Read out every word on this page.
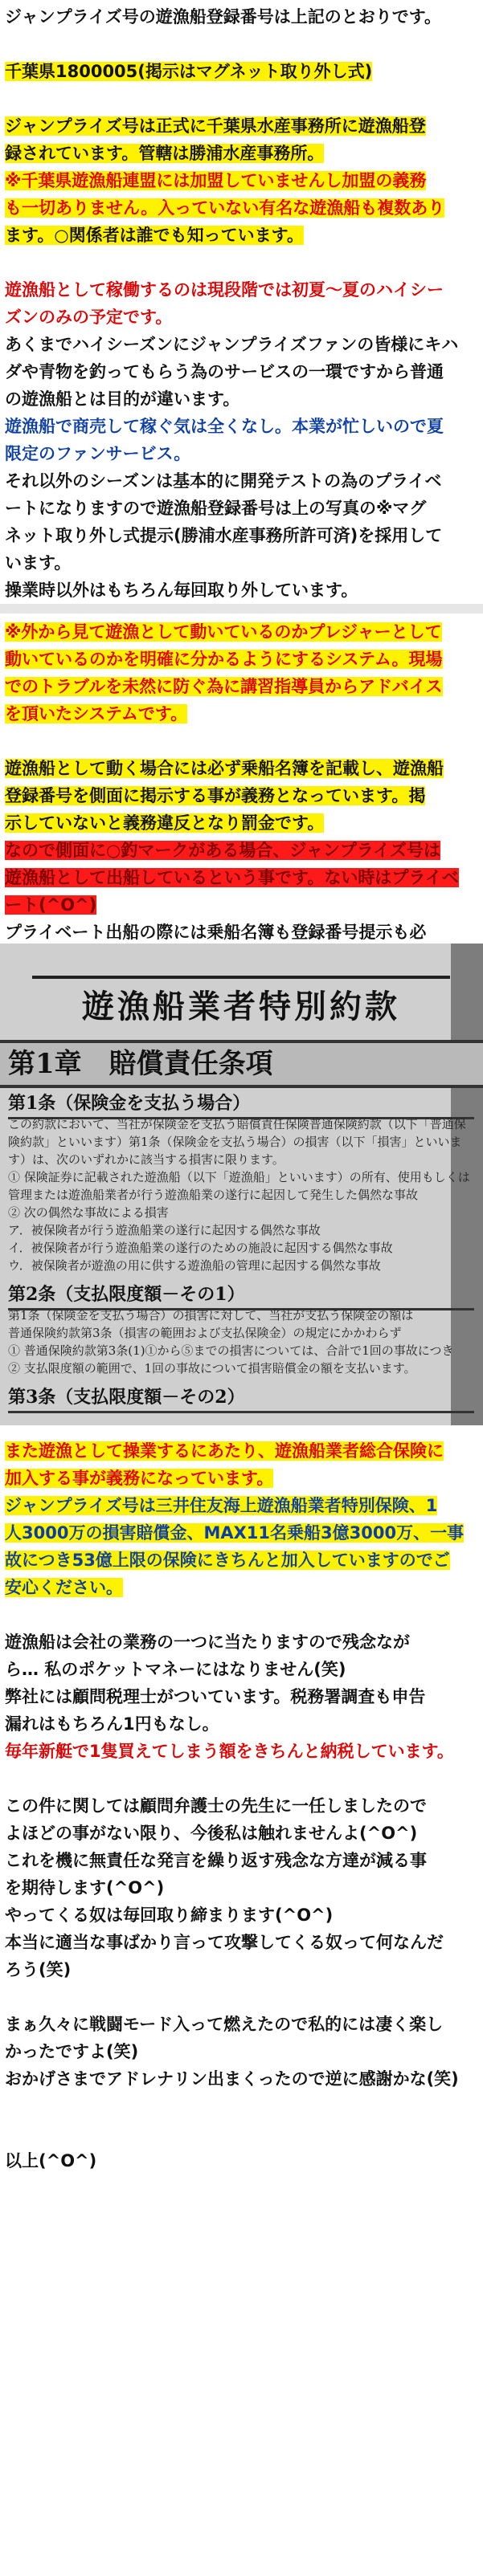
ジャンプライズ号の遊漁船登録番号は上記のとおりです。

千葉県1800005(掲示はマグネット取り外し式)

ジャンプライズ号は正式に千葉県水産事務所に遊漁船登
録されています。管轄は勝浦水産事務所。
※千葉県遊漁船連盟には加盟していませんし加盟の義務
も一切ありません。入っていない有名な遊漁船も複数あり
ます。○関係者は誰でも知っています。

遊漁船として稼働するのは現段階では初夏〜夏のハイシー
ズンのみの予定です。
あくまでハイシーズンにジャンプライズファンの皆様にキハ
ダや青物を釣ってもらう為のサービスの一環ですから普通
の遊漁船とは目的が違います。
遊漁船で商売して稼ぐ気は全くなし。本業が忙しいので夏
限定のファンサービス。
それ以外のシーズンは基本的に開発テストの為のプライベ
ートになりますので遊漁船登録番号は上の写真の※マグ
ネット取り外し式提示(勝浦水産事務所許可済)を採用して
います。
操業時以外はもちろん毎回取り外しています。
※外から見て遊漁として動いているのかプレジャーとして
動いているのかを明確に分かるようにするシステム。現場
でのトラブルを未然に防ぐ為に講習指導員からアドバイス
を頂いたシステムです。

遊漁船として動く場合には必ず乗船名簿を記載し、遊漁船
登録番号を側面に掲示する事が義務となっています。掲
示していないと義務違反となり罰金です。
なので側面に○釣マークがある場合、ジャンプライズ号は
遊漁船として出船しているという事です。ない時はプライベ
ート(^O^)
プライベート出船の際には乗船名簿も登録番号提示も必
遊漁船業者特別約款
第1章　賠償責任条項
第1条（保険金を支払う場合）
この約款において、当社が保険金を支払う賠償責任保険普通保険約款（以下「普通保
険約款」といいます）第1条（保険金を支払う場合）の損害（以下「損害」といいま
す）は、次のいずれかに該当する損害に限ります。
① 保険証券に記載された遊漁船（以下「遊漁船」といいます）の所有、使用もしくは
管理または遊漁船業者が行う遊漁船業の遂行に起因して発生した偶然な事故
② 次の偶然な事故による損害
ア．被保険者が行う遊漁船業の遂行に起因する偶然な事故
イ．被保険者が行う遊漁船業の遂行のための施設に起因する偶然な事故
ウ．被保険者が遊漁の用に供する遊漁船の管理に起因する偶然な事故
第2条（支払限度額－その1）
第1条（保険金を支払う場合）の損害に対して、当社が支払う保険金の額は
普通保険約款第3条（損害の範囲および支払保険金）の規定にかかわらず
① 普通保険約款第3条(1)①から⑤までの損害については、合計で1回の事故につき
② 支払限度額の範囲で、1回の事故について損害賠償金の額を支払います。
第3条（支払限度額－その2）
また遊漁として操業するにあたり、遊漁船業者総合保険に
加入する事が義務になっています。
ジャンプライズ号は三井住友海上遊漁船業者特別保険、1
人3000万の損害賠償金、MAX11名乗船3億3000万、一事
故につき53億上限の保険にきちんと加入していますのでご
安心ください。

遊漁船は会社の業務の一つに当たりますので残念なが
ら… 私のポケットマネーにはなりません(笑)
弊社には顧問税理士がついています。税務署調査も申告
漏れはもちろん1円もなし。
毎年新艇で1隻買えてしまう額をきちんと納税しています。

この件に関しては顧問弁護士の先生に一任しましたので
よほどの事がない限り、今後私は触れませんよ(^O^)
これを機に無責任な発言を繰り返す残念な方達が減る事
を期待します(^O^)
やってくる奴は毎回取り締まります(^O^)
本当に適当な事ばかり言って攻撃してくる奴って何なんだ
ろう(笑)

まぁ久々に戦闘モード入って燃えたので私的には凄く楽し
かったですよ(笑)
おかげさまでアドレナリン出まくったので逆に感謝かな(笑)

以上(^O^)
